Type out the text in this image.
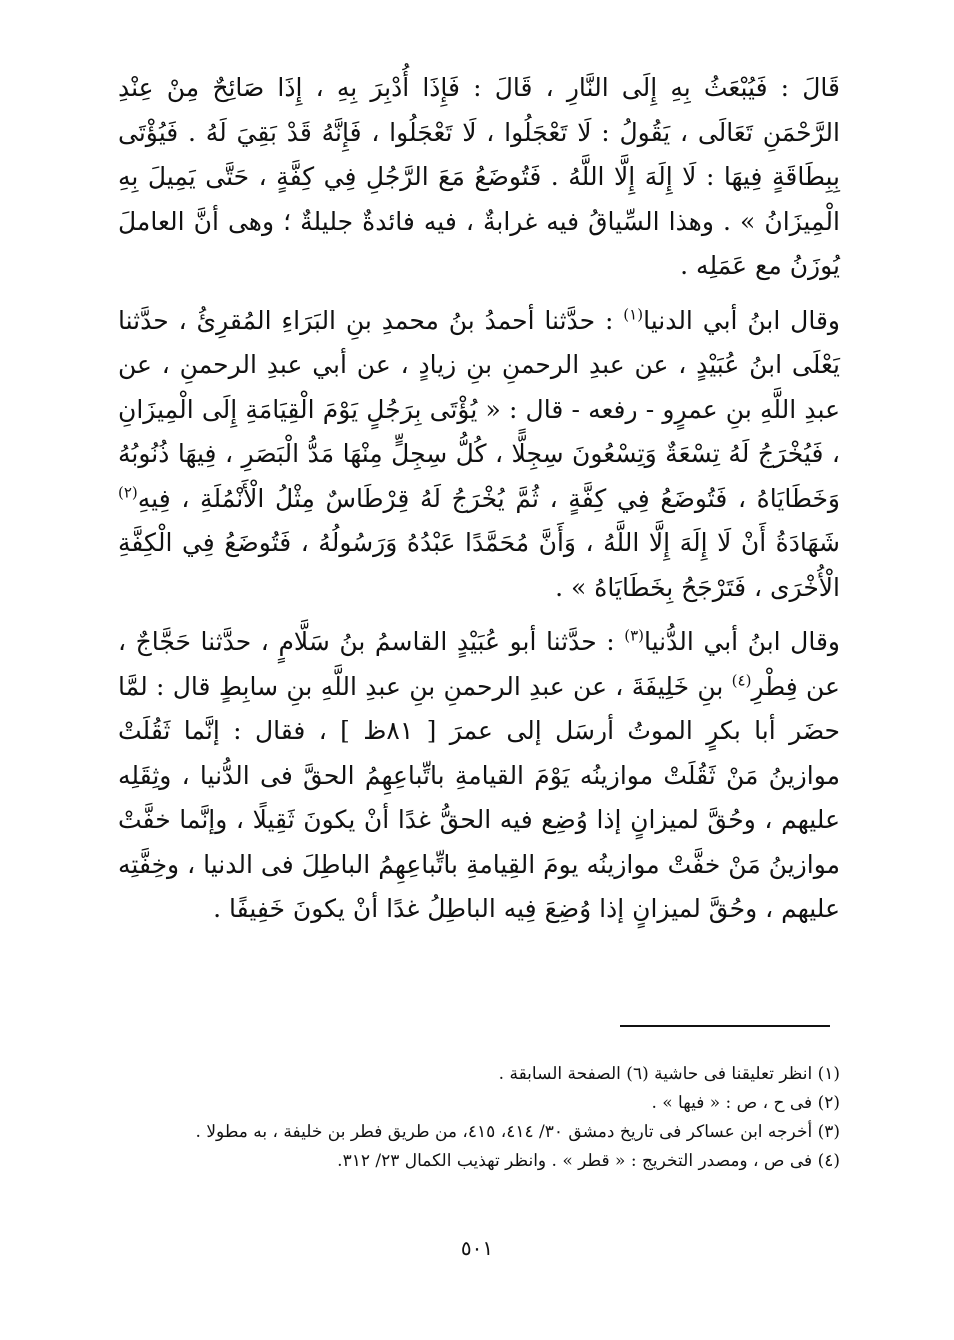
قَالَ : فَيُبْعَثُ بِهِ إِلَى النَّارِ ، قَالَ : فَإِذَا أُدْبِرَ بِهِ ، إِذَا صَائِحٌ مِنْ عِنْدِ الرَّحْمَنِ تَعَالَى ، يَقُولُ : لَا تَعْجَلُوا ، لَا تَعْجَلُوا ، فَإِنَّهُ قَدْ بَقِيَ لَهُ . فَيُؤْتَى بِبِطَاقَةٍ فِيهَا : لَا إِلَهَ إِلَّا اللَّهُ . فَتُوضَعُ مَعَ الرَّجُلِ فِي كِفَّةٍ ، حَتَّى يَمِيلَ بِهِ الْمِيزَانُ » . وهذا السِّياقُ فيه غرابةٌ ، فيه فائدةٌ جليلةٌ ؛ وهى أنَّ العاملَ يُوزَنُ مع عَمَلِه .

وقال ابنُ أبي الدنيا$^{(١)}$ : حدَّثنا أحمدُ بنُ محمدِ بنِ البَرَاءِ المُقرِئُ ، حدَّثنا يَعْلَى ابنُ عُبَيْدٍ ، عن عبدِ الرحمنِ بنِ زيادٍ ، عن أبي عبدِ الرحمنِ ، عن عبدِ اللَّهِ بنِ عمرٍو - رفعه - قال : « يُؤْتَى بِرَجُلٍ يَوْمَ الْقِيَامَةِ إِلَى الْمِيزَانِ ، فَيُخْرَجُ لَهُ تِسْعَةٌ وَتِسْعُونَ سِجِلًّا ، كُلُّ سِجِلٍّ مِنْهَا مَدُّ الْبَصَرِ ، فِيهَا ذُنُوبُهُ وَخَطَايَاهُ ، فَتُوضَعُ فِي كِفَّةٍ ، ثُمَّ يُخْرَجُ لَهُ قِرْطَاسٌ مِثْلُ الْأَنْمُلَةِ ، فِيهِ$^{(٢)}$ شَهَادَةُ أَنْ لَا إِلَهَ إِلَّا اللَّهُ ، وَأَنَّ مُحَمَّدًا عَبْدُهُ وَرَسُولُهُ ، فَتُوضَعُ فِي الْكِفَّةِ الْأُخْرَى ، فَتَرْجَحُ بِخَطَايَاهُ » .

وقال ابنُ أبي الدُّنيا$^{(٣)}$ : حدَّثنا أبو عُبَيْدٍ القاسمُ بنُ سَلَّامٍ ، حدَّثنا حَجَّاجٌ ، عن فِطْرِ$^{(٤)}$ بنِ خَلِيفَةَ ، عن عبدِ الرحمنِ بنِ عبدِ اللَّهِ بنِ سابِطٍ قال : لمَّا حضَر أبا بكرٍ الموتُ أرسَل إلى عمرَ [ ٨١ظ ] ، فقال : إنَّما ثَقُلَتْ موازينُ مَنْ ثَقُلَتْ موازينُه يَوْمَ القيامةِ باتِّباعِهِمُ الحقَّ فى الدُّنيا ، وثِقَلِه عليهم ، وحُقَّ لميزانٍ إذا وُضِع فيه الحقُّ غدًا أنْ يكونَ ثَقِيلًا ، وإنَّما خفَّتْ موازينُ مَنْ خفَّتْ موازينُه يومَ القِيامةِ باتِّباعِهِمُ الباطِلَ فى الدنيا ، وخِفَّتِه عليهم ، وحُقَّ لميزانٍ إذا وُضِعَ فِيه الباطِلُ غدًا أنْ يكونَ خَفِيفًا .

(١) انظر تعليقنا فى حاشية (٦) الصفحة السابقة .

(٢) فى ح ، ص : « فيها » .

(٣) أخرجه ابن عساكر فى تاريخ دمشق ٣٠/ ٤١٤، ٤١٥، من طريق فطر بن خليفة ، به مطولا .

(٤) فى ص ، ومصدر التخريج : « قطر » . وانظر تهذيب الكمال ٢٣/ ٣١٢.

٥٠١
